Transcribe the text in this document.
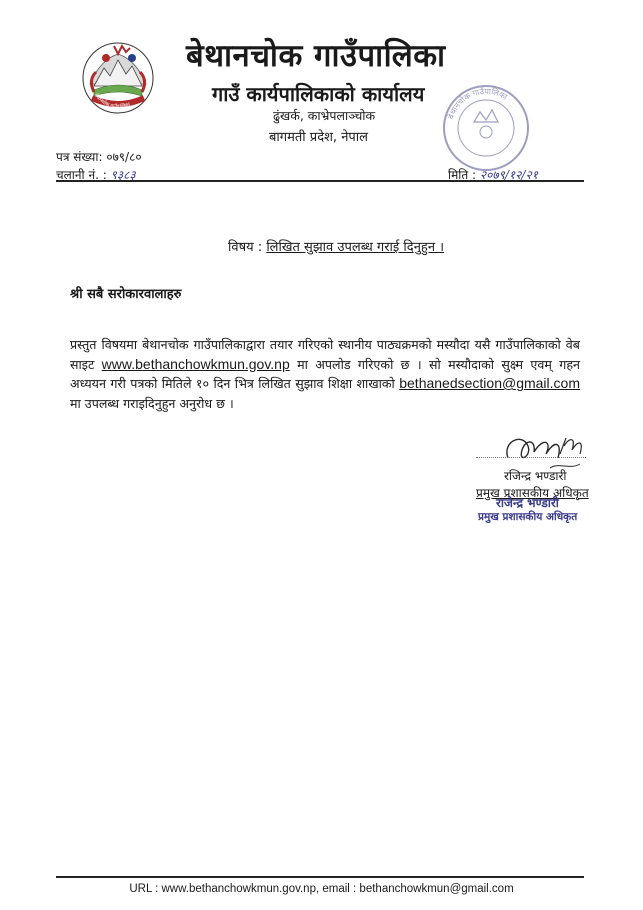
बेथानचोक गाउँपालिका
बेथानचोक गाउँपालिका
गाउँ कार्यपालिकाको कार्यालय
ढुंखर्क, काभ्रेपलाञ्चोक
बागमती प्रदेश, नेपाल
बेथानचोक गाउँपालिका
पत्र संख्या: ०७९/८०
चलानी नं. : ९३८३	मिति : २०७९/१२/२१
विषय : लिखित सुझाव उपलब्ध गराई दिनुहुन ।
श्री सबै सरोकारवालाहरु
प्रस्तुत विषयमा बेथानचोक गाउँपालिकाद्वारा तयार गरिएको स्थानीय पाठ्यक्रमको मस्यौदा यसै गाउँपालिकाको वेब साइट www.bethanchowkmun.gov.np मा अपलोड गरिएको छ । सो मस्यौदाको सुक्ष्म एवम् गहन अध्ययन गरी पत्रको मितिले १० दिन भित्र लिखित सुझाव शिक्षा शाखाको bethanedsection@gmail.com मा उपलब्ध गराइदिनुहुन अनुरोध छ ।
रजिन्द्र भण्डारी
प्रमुख प्रशासकीय अधिकृत
राजेन्द्र भण्डारी
प्रमुख प्रशासकीय अधिकृत
URL : www.bethanchowkmun.gov.np, email : bethanchowkmun@gmail.com
